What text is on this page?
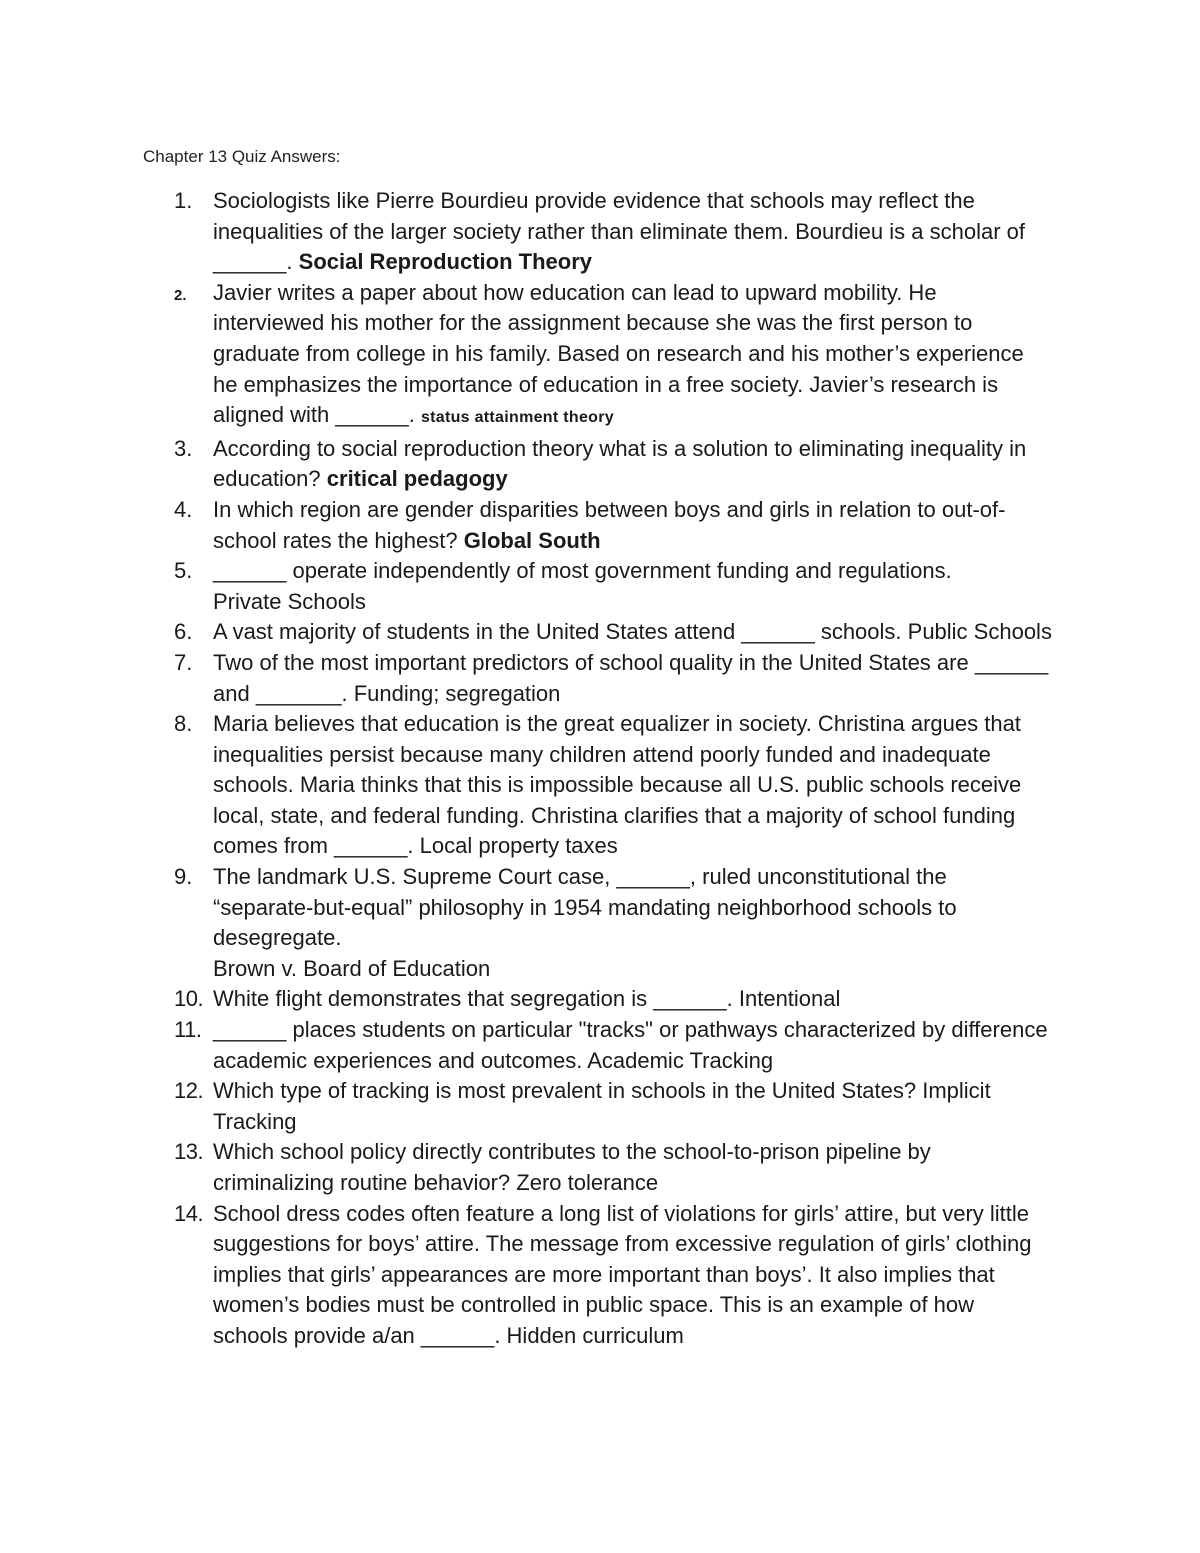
Chapter 13 Quiz Answers:
1. Sociologists like Pierre Bourdieu provide evidence that schools may reflect the inequalities of the larger society rather than eliminate them. Bourdieu is a scholar of ______. Social Reproduction Theory
2.	Javier writes a paper about how education can lead to upward mobility. He interviewed his mother for the assignment because she was the first person to graduate from college in his family. Based on research and his mother’s experience he emphasizes the importance of education in a free society. Javier’s research is aligned with ______. status attainment theory
3. According to social reproduction theory what is a solution to eliminating inequality in education? critical pedagogy
4. In which region are gender disparities between boys and girls in relation to out-of-school rates the highest? Global South
5. ______ operate independently of most government funding and regulations.
Private Schools
6. A vast majority of students in the United States attend ______ schools. Public Schools
7. Two of the most important predictors of school quality in the United States are ______ and _______. Funding; segregation
8. Maria believes that education is the great equalizer in society. Christina argues that inequalities persist because many children attend poorly funded and inadequate schools. Maria thinks that this is impossible because all U.S. public schools receive local, state, and federal funding. Christina clarifies that a majority of school funding comes from ______. Local property taxes
9. The landmark U.S. Supreme Court case, ______, ruled unconstitutional the “separate-but-equal” philosophy in 1954 mandating neighborhood schools to desegregate.
Brown v. Board of Education
10. White flight demonstrates that segregation is ______. Intentional
11. ______ places students on particular "tracks" or pathways characterized by difference academic experiences and outcomes. Academic Tracking
12. Which type of tracking is most prevalent in schools in the United States? Implicit Tracking
13. Which school policy directly contributes to the school-to-prison pipeline by criminalizing routine behavior? Zero tolerance
14. School dress codes often feature a long list of violations for girls’ attire, but very little suggestions for boys’ attire. The message from excessive regulation of girls’ clothing implies that girls’ appearances are more important than boys’. It also implies that women’s bodies must be controlled in public space. This is an example of how schools provide a/an ______. Hidden curriculum
